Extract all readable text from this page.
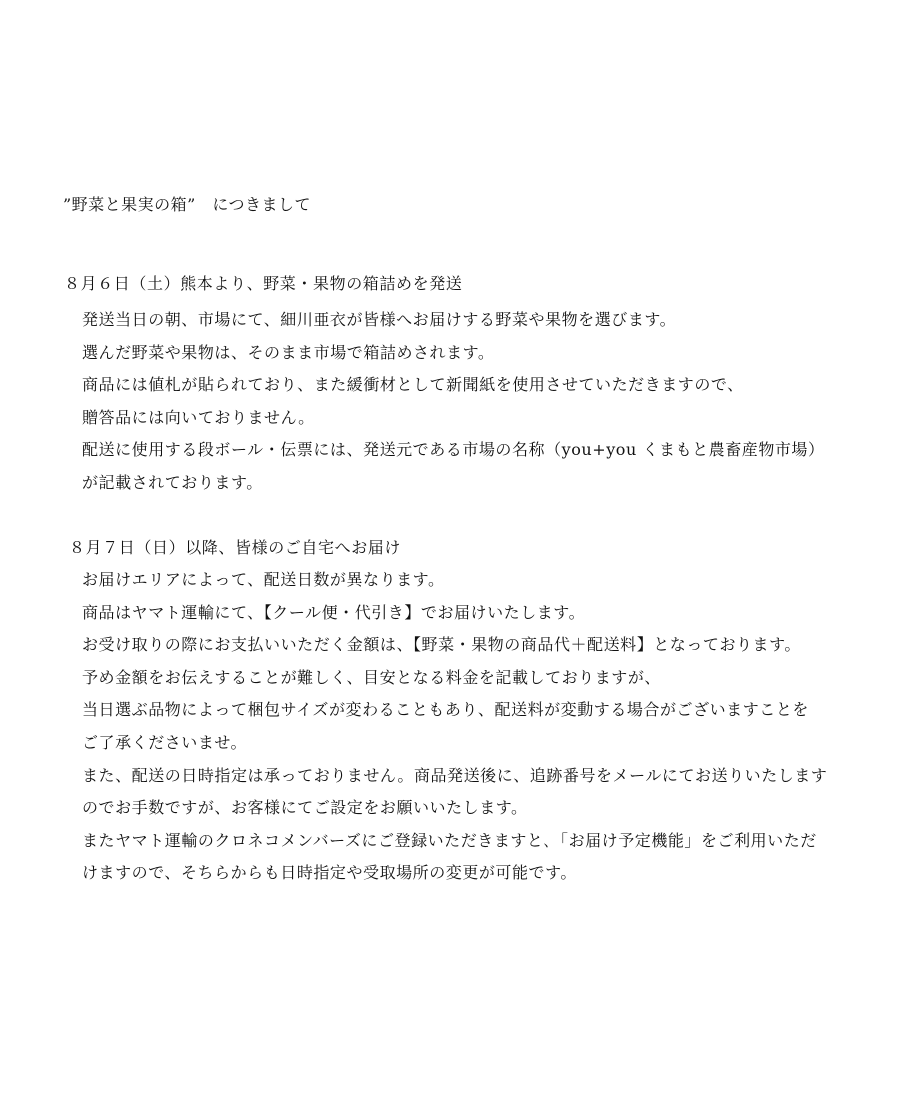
”野菜と果実の箱”　につきまして
８月６日（土）熊本より、野菜・果物の箱詰めを発送
発送当日の朝、市場にて、細川亜衣が皆様へお届けする野菜や果物を選びます。
選んだ野菜や果物は、そのまま市場で箱詰めされます。
商品には値札が貼られており、また緩衝材として新聞紙を使用させていただきますので、
贈答品には向いておりません。
配送に使用する段ボール・伝票には、発送元である市場の名称（you+you くまもと農畜産物市場）
が記載されております。
８月７日（日）以降、皆様のご自宅へお届け
お届けエリアによって、配送日数が異なります。
商品はヤマト運輸にて、【クール便・代引き】でお届けいたします。
お受け取りの際にお支払いいただく金額は、【野菜・果物の商品代＋配送料】となっております。
予め金額をお伝えすることが難しく、目安となる料金を記載しておりますが、
当日選ぶ品物によって梱包サイズが変わることもあり、配送料が変動する場合がございますことを
ご了承くださいませ。
また、配送の日時指定は承っておりません。商品発送後に、追跡番号をメールにてお送りいたします
のでお手数ですが、お客様にてご設定をお願いいたします。
またヤマト運輸のクロネコメンバーズにご登録いただきますと､「お届け予定機能」をご利用いただ
けますので、そちらからも日時指定や受取場所の変更が可能です。
